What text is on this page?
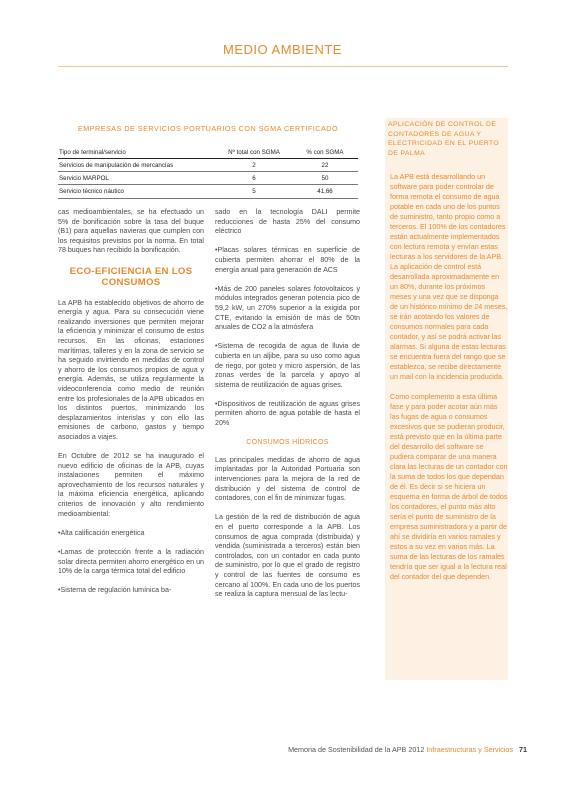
MEDIO AMBIENTE
EMPRESAS DE SERVICIOS PORTUARIOS CON SGMA CERTIFICADO
Tipo de terminal/servicio	Nº total con SGMA	% con SGMA
Servicios de manipulación de mercancías	2	22
Servicio MARPOL	6	50
Servicio técnico náutico	5	41,66

cas medioambientales, se ha efectuado un 5% de bonificación sobre la tasa del buque (B1) para aquellas navieras que cumplen con los requisitos previstos por la norma. En total 78 buques han recibido la bonificación.

ECO-EFICIENCIA EN LOS CONSUMOS

La APB ha establecido objetivos de ahorro de energía y agua. Para su consecución viene realizando inversiones que permiten mejorar la eficiencia y minimizar el consumo de estos recursos. En las oficinas, estaciones marítimas, talleres y en la zona de servicio se ha seguido invirtiendo en medidas de control y ahorro de los consumos propios de agua y energía. Además, se utiliza regularmente la videoconferencia como medio de reunión entre los profesionales de la APB ubicados en los distintos puertos, minimizando los desplazamientos interislas y con ello las emisiones de carbono, gastos y tiempo asociados a viajes.

En Octubre de 2012 se ha inaugurado el nuevo edificio de oficinas de la APB, cuyas instalaciones permiten el máximo aprovechamiento de los recursos naturales y la máxima eficiencia energética, aplicando criterios de innovación y alto rendimiento medioambiental:

•Alta calificación energética

•Lamas de protección frente a la radiación solar directa permiten ahorro energético en un 10% de la carga térmica total del edificio

•Sistema de regulación lumínica ba-

sado en la tecnología DALI permite reducciones de hasta 25% del consumo eléctrico

•Placas solares térmicas en superficie de cubierta permiten ahorrar el 80% de la energía anual para generación de ACS

•Más de 200 paneles solares fotovoltaicos y módulos integrados generan potencia pico de 59,2 kW, un 270% superior a la exigida por CTE, evitando la emisión de más de 50tn anuales de CO2 a la atmósfera

•Sistema de recogida de agua de lluvia de cubierta en un aljibe, para su uso como agua de riego, por goteo y micro aspersión, de las zonas verdes de la parcela y apoyo al sistema de reutilización de aguas grises.

•Dispositivos de reutilización de aguas grises permiten ahorro de agua potable de hasta el 20%

CONSUMOS HÍDRICOS

Las principales medidas de ahorro de agua implantadas por la Autoridad Portuaria son intervenciones para la mejora de la red de distribución y del sistema de control de contadores, con el fin de minimizar fugas.

La gestión de la red de distribución de agua en el puerto corresponde a la APB. Los consumos de agua comprada (distribuida) y vendida (suministrada a terceros) están bien controlados, con un contador en cada punto de suministro, por lo que el grado de registro y control de las fuentes de consumo es cercano al 100%. En cada uno de los puertos se realiza la captura mensual de las lectu-

APLICACIÓN DE CONTROL DE CONTADORES DE AGUA Y ELECTRICIDAD EN EL PUERTO DE PALMA

La APB está desarrollando un software para poder controlar de forma remota el consumo de agua potable en cada uno de los puntos de suministro, tanto propio como a terceros. El 100% de los contadores están actualmente implementados con lectura remota y envían estas lecturas a los servidores de la APB. La aplicación de control está desarrollada aproximadamente en un 80%, durante los próximos meses y una vez que se disponga de un histórico mínimo de 24 meses, se irán acotando los valores de consumos normales para cada contador, y así se podrá activar las alarmas. Si alguna de estas lecturas se encuentra fuera del rango que se establezca, se recibe directamente un mail con la incidencia producida.

Como complemento a esta última fase y para poder acotar aún más las fugas de agua o consumos excesivos que se pudieran producir, está previsto que en la última parte del desarrollo del software se pudiera comparar de una manera clara las lecturas de un contador con la suma de todos los que dependan de él. Es decir si se hiciera un esquema en forma de árbol de todos los contadores, el punto más alto sería el punto de suministro de la empresa suministradora y a partir de ahí se dividiría en varios ramales y estos a su vez en varios más. La suma de las lecturas de los ramales tendría que ser igual a la lectura real del contador del que dependen.

Memoria de Sostenibilidad de la APB 2012 Infraestructuras y Servicios 71
